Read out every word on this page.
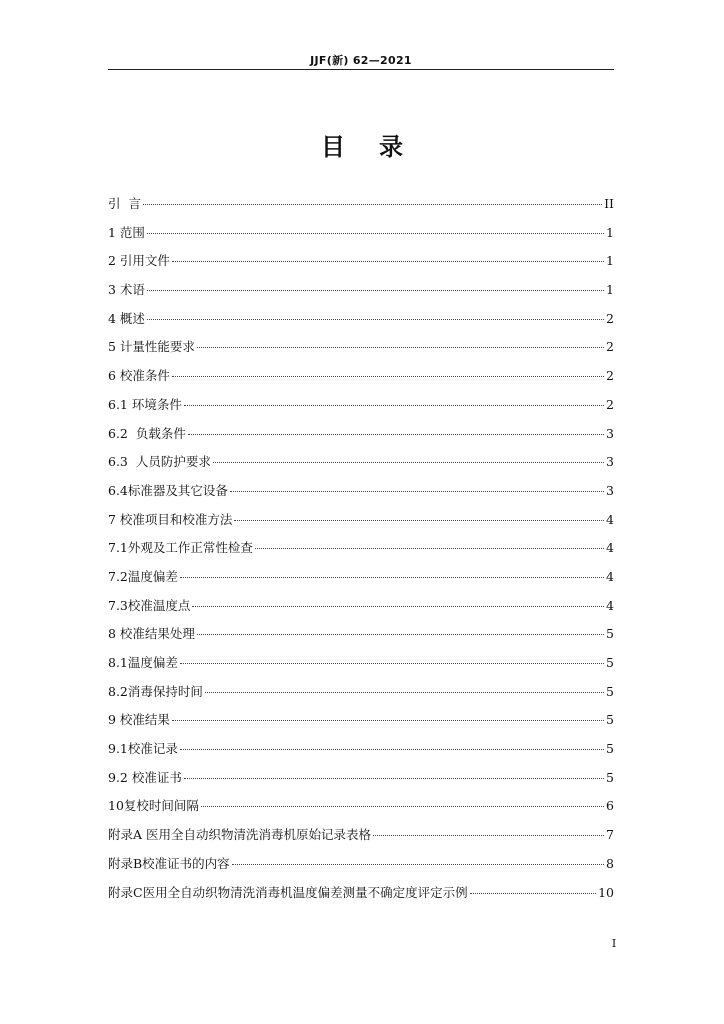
JJF(新) 62—2021
目录
引  言	II
1 范围	1
2 引用文件	1
3 术语	1
4 概述	2
5 计量性能要求	2
6 校准条件	2
6.1 环境条件	2
6.2  负载条件	3
6.3  人员防护要求	3
6.4标准器及其它设备	3
7 校准项目和校准方法	4
7.1外观及工作正常性检查	4
7.2温度偏差	4
7.3校准温度点	4
8 校准结果处理	5
8.1温度偏差	5
8.2消毒保持时间	5
9 校准结果	5
9.1校准记录	5
9.2 校准证书	5
10复校时间间隔	6
附录A 医用全自动织物清洗消毒机原始记录表格	7
附录B校准证书的内容	8
附录C医用全自动织物清洗消毒机温度偏差测量不确定度评定示例	10
I
